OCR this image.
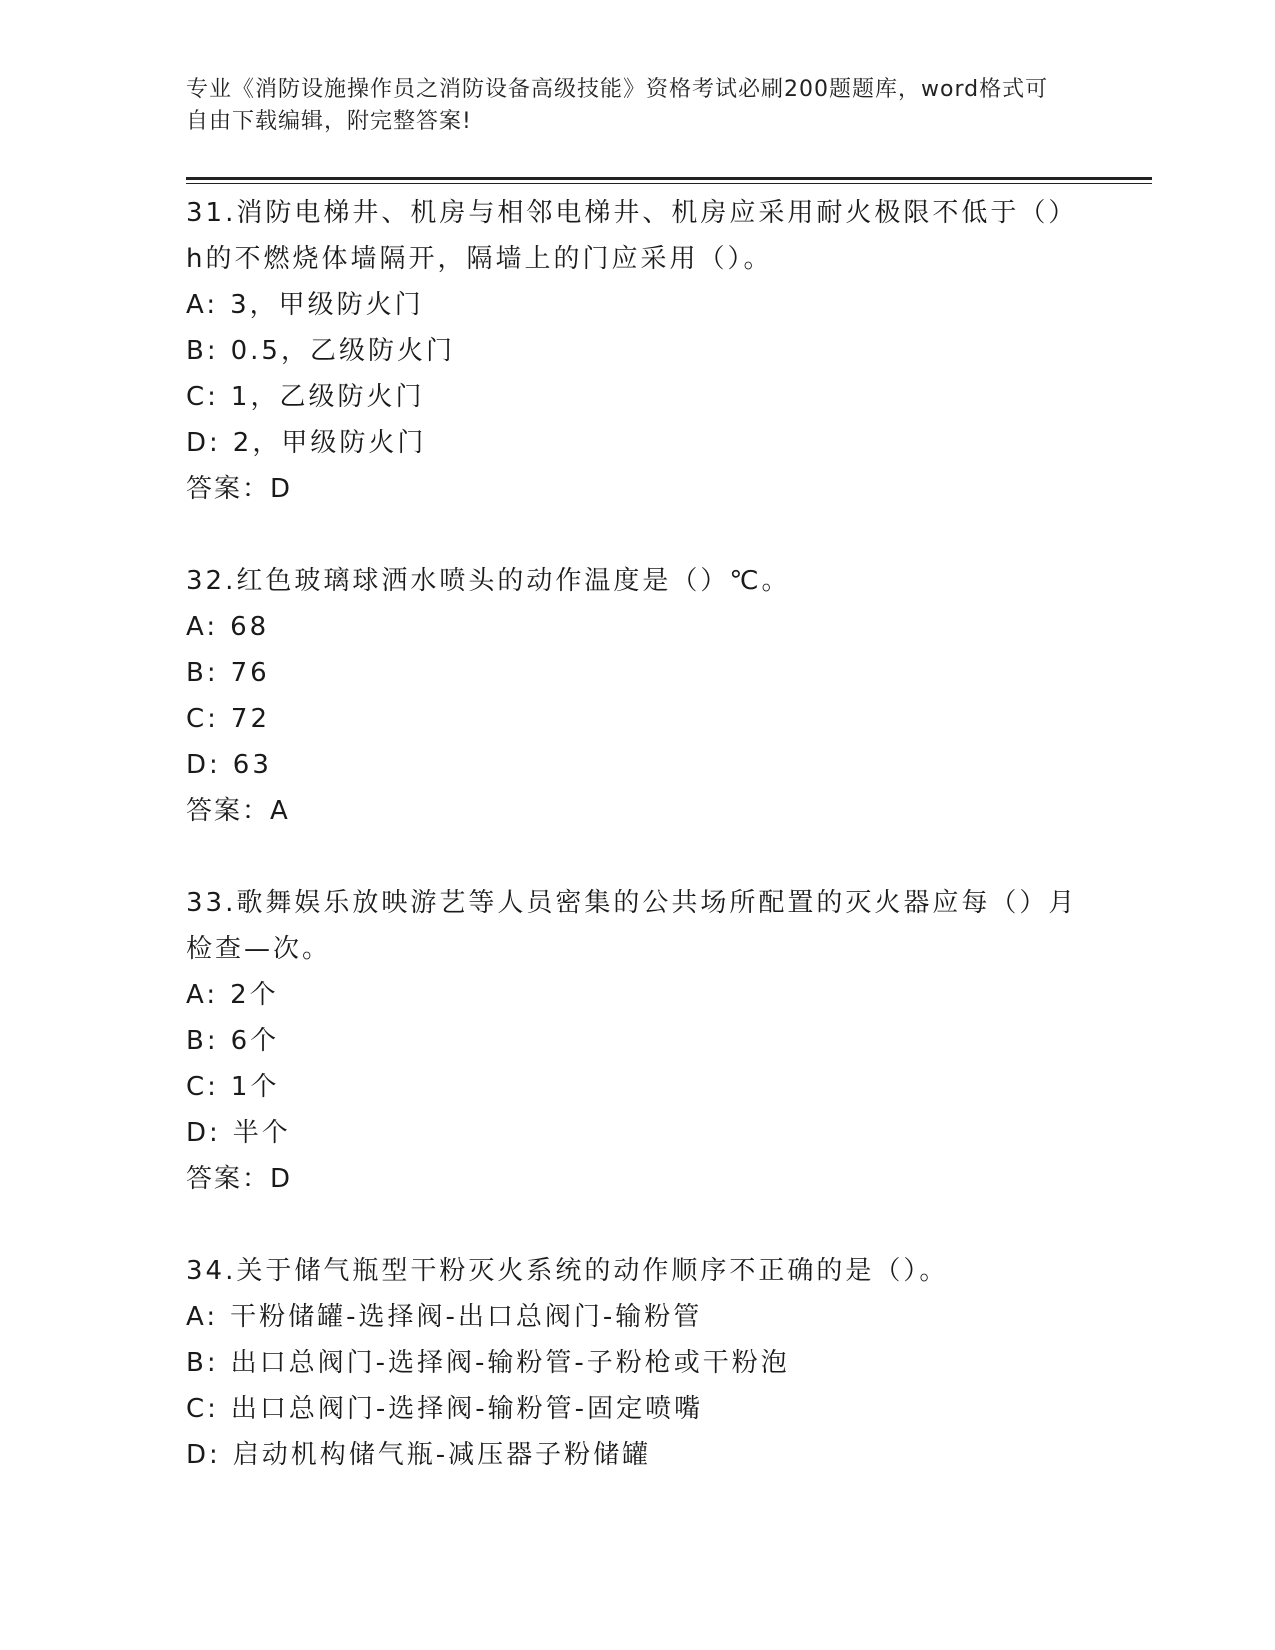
专业《消防设施操作员之消防设备高级技能》资格考试必刷200题题库，word格式可自由下载编辑，附完整答案!
31.消防电梯井、机房与相邻电梯井、机房应采用耐火极限不低于（）h的不燃烧体墙隔开，隔墙上的门应采用（）。
A: 3，甲级防火门
B: 0.5，乙级防火门
C: 1，乙级防火门
D: 2，甲级防火门
答案：D
32.红色玻璃球洒水喷头的动作温度是（）℃。
A: 68
B: 76
C: 72
D: 63
答案：A
33.歌舞娱乐放映游艺等人员密集的公共场所配置的灭火器应每（）月检查—次。
A: 2个
B: 6个
C: 1个
D: 半个
答案：D
34.关于储气瓶型干粉灭火系统的动作顺序不正确的是（）。
A: 干粉储罐-选择阀-出口总阀门-输粉管
B: 出口总阀门-选择阀-输粉管-子粉枪或干粉泡
C: 出口总阀门-选择阀-输粉管-固定喷嘴
D: 启动机构储气瓶-减压器子粉储罐
